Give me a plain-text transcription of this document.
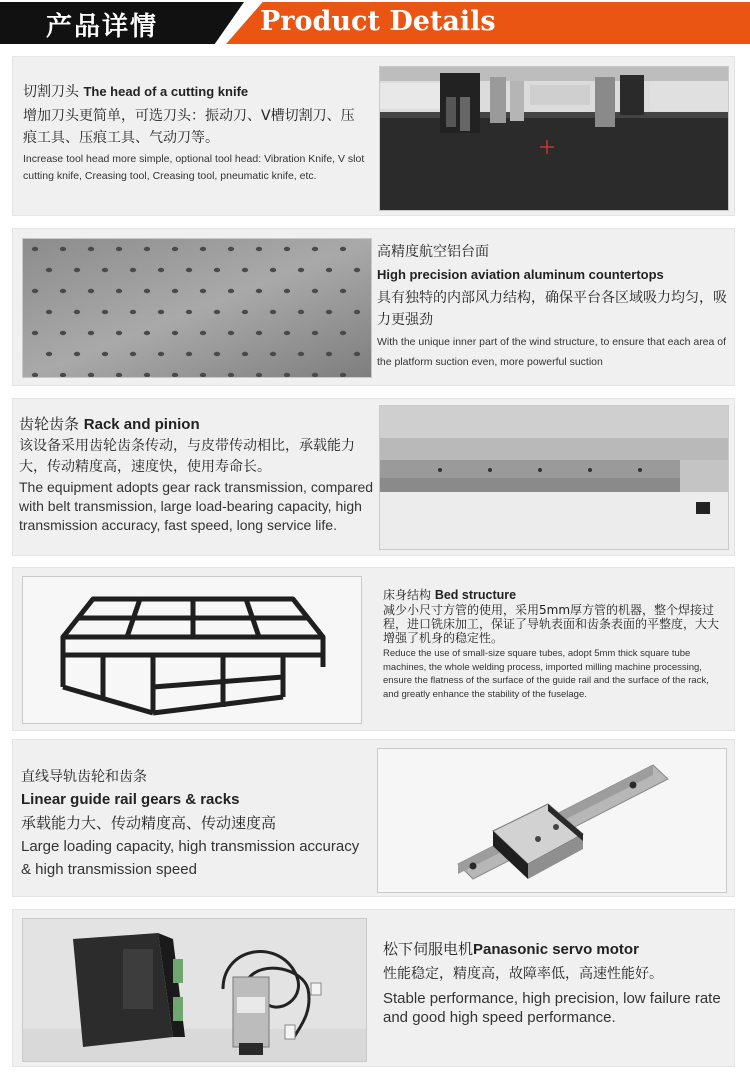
产品详情	Product Details
切割刀头 The head of a cutting knife
增加刀头更简单，可选刀头：振动刀、V槽切割刀、压痕工具、压痕工具、气动刀等。
Increase tool head more simple, optional tool head: Vibration Knife, V slot cutting knife, Creasing tool, Creasing tool, pneumatic knife, etc.
高精度航空铝台面
High precision aviation aluminum countertops
具有独特的内部风力结构，确保平台各区域吸力均匀，吸力更强劲
With the unique inner part of the wind structure, to ensure that each area of the platform suction even, more powerful suction
齿轮齿条 Rack and pinion
该设备采用齿轮齿条传动，与皮带传动相比，承载能力大，传动精度高，速度快，使用寿命长。
The equipment adopts gear rack transmission, compared with belt transmission, large load-bearing capacity, high transmission accuracy, fast speed, long service life.
床身结构 Bed structure
减少小尺寸方管的使用，采用5mm厚方管的机器，整个焊接过程，进口铣床加工，保证了导轨表面和齿条表面的平整度，大大增强了机身的稳定性。
Reduce the use of small-size square tubes, adopt 5mm thick square tube machines, the whole welding process, imported milling machine processing, ensure the flatness of the surface of the guide rail and the surface of the rack, and greatly enhance the stability of the fuselage.
直线导轨齿轮和齿条
Linear guide rail gears & racks
承载能力大、传动精度高、传动速度高
Large loading capacity, high transmission accuracy & high transmission speed
松下伺服电机Panasonic servo motor
性能稳定，精度高，故障率低，高速性能好。
Stable performance, high precision, low failure rate and good high speed performance.
